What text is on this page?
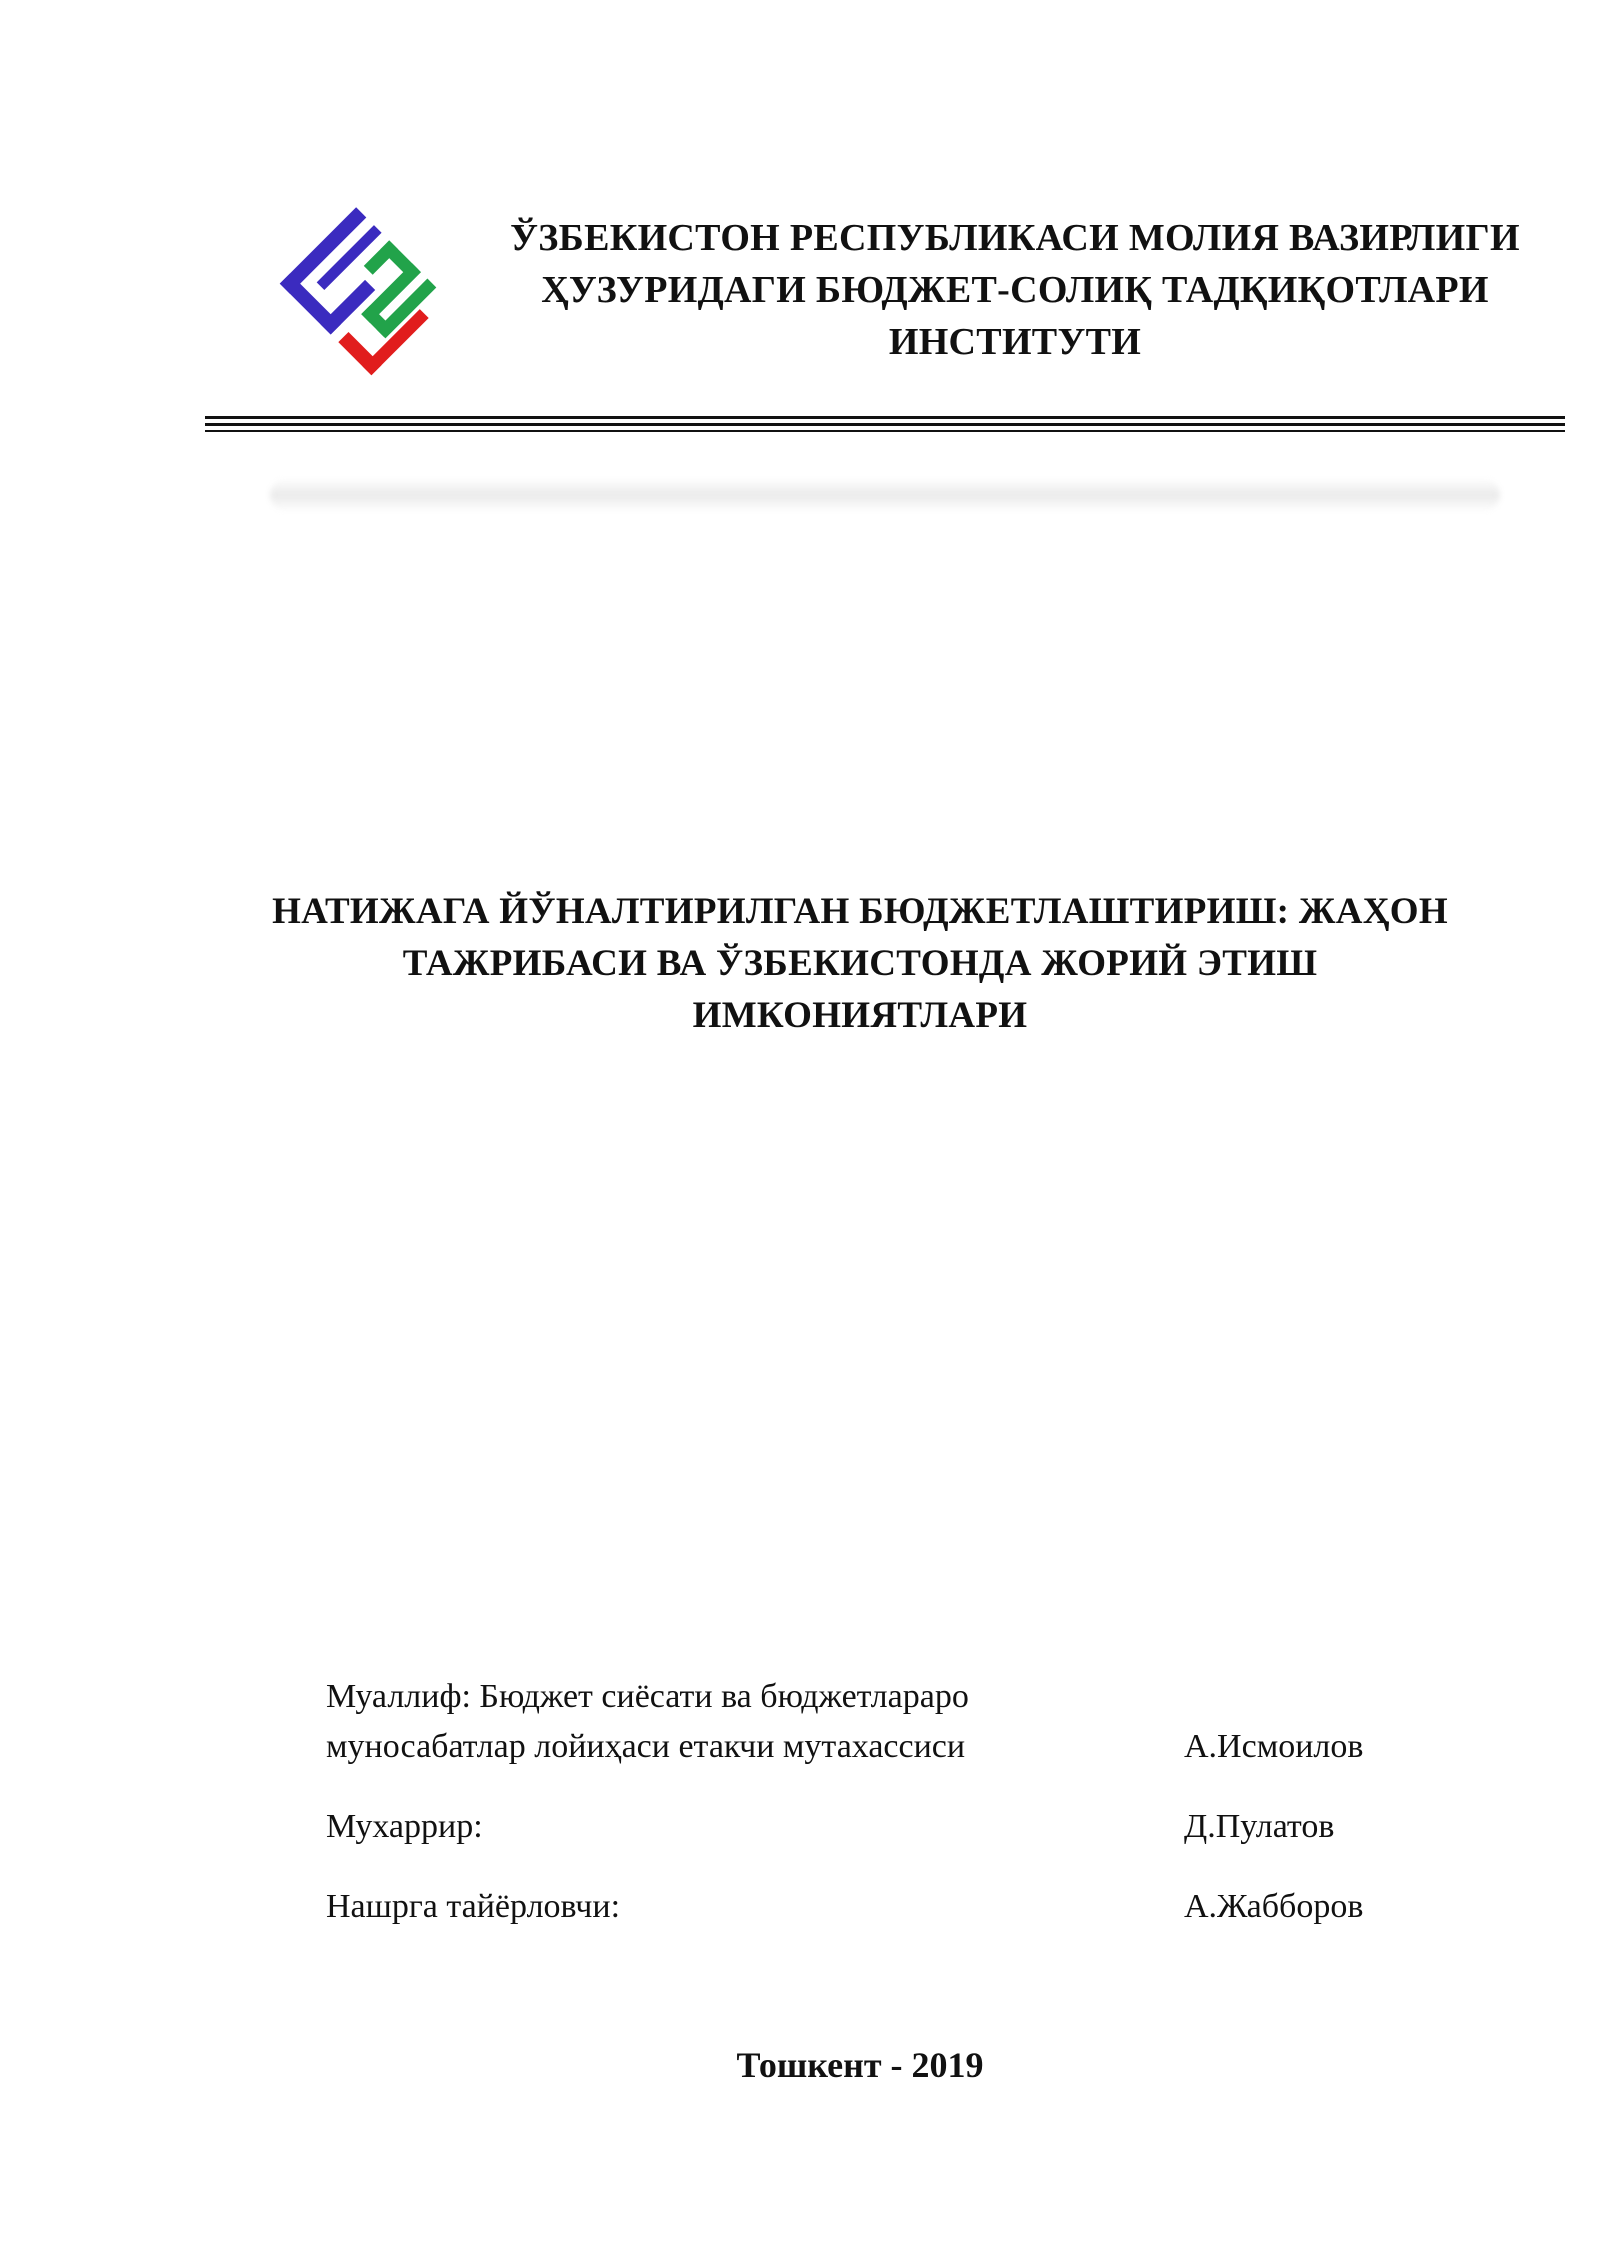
ЎЗБЕКИСТОН РЕСПУБЛИКАСИ МОЛИЯ ВАЗИРЛИГИ
ҲУЗУРИДАГИ БЮДЖЕТ-СОЛИҚ ТАДҚИҚОТЛАРИ
ИНСТИТУТИ
НАТИЖАГА ЙЎНАЛТИРИЛГАН БЮДЖЕТЛАШТИРИШ: ЖАҲОН
ТАЖРИБАСИ ВА ЎЗБЕКИСТОНДА ЖОРИЙ ЭТИШ
ИМКОНИЯТЛАРИ
Муаллиф: Бюджет сиёсати ва бюджетлараро
муносабатлар лойиҳаси етакчи мутахассиси	А.Исмоилов
Мухаррир:	Д.Пулатов
Нашрга тайёрловчи:	А.Жабборов
Тошкент - 2019
